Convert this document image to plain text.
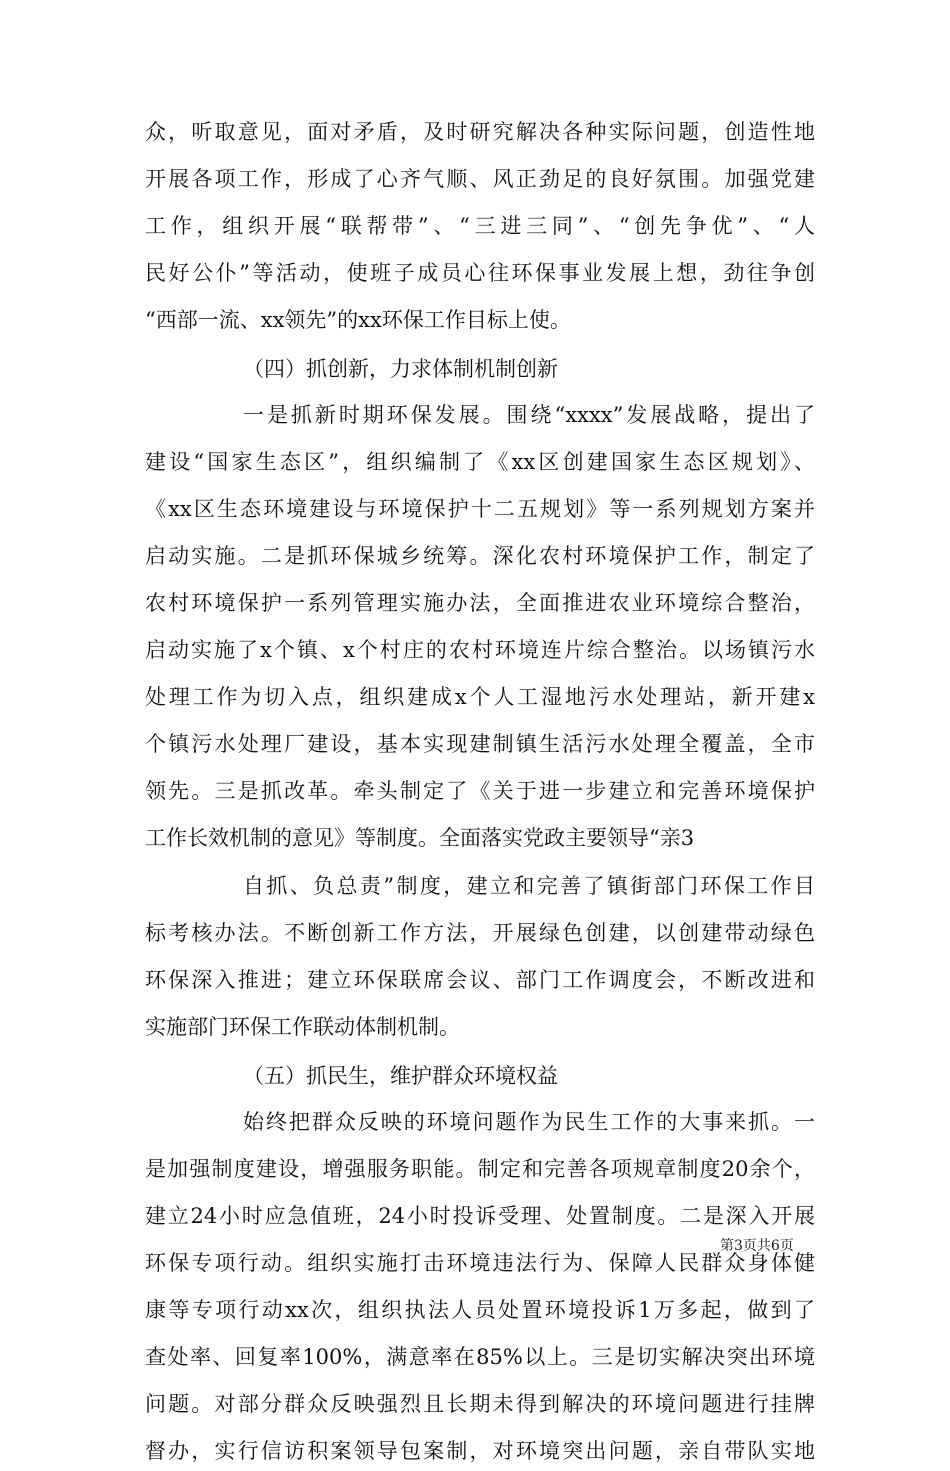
众，听取意见，面对矛盾，及时研究解决各种实际问题，创造性地
开展各项工作，形成了心齐气顺、风正劲足的良好氛围。加强党建
工作，组织开展“联帮带”、“三进三同”、“创先争优”、“人
民好公仆”等活动，使班子成员心往环保事业发展上想，劲往争创
“西部一流、xx领先”的xx环保工作目标上使。
（四）抓创新，力求体制机制创新
一是抓新时期环保发展。围绕“xxxx”发展战略，提出了
建设“国家生态区”，组织编制了《xx区创建国家生态区规划》、
《xx区生态环境建设与环境保护十二五规划》等一系列规划方案并
启动实施。二是抓环保城乡统筹。深化农村环境保护工作，制定了
农村环境保护一系列管理实施办法，全面推进农业环境综合整治，
启动实施了x个镇、x个村庄的农村环境连片综合整治。以场镇污水
处理工作为切入点，组织建成x个人工湿地污水处理站，新开建x
个镇污水处理厂建设，基本实现建制镇生活污水处理全覆盖，全市
领先。三是抓改革。牵头制定了《关于进一步建立和完善环境保护
工作长效机制的意见》等制度。全面落实党政主要领导“亲3
自抓、负总责”制度，建立和完善了镇街部门环保工作目
标考核办法。不断创新工作方法，开展绿色创建，以创建带动绿色
环保深入推进；建立环保联席会议、部门工作调度会，不断改进和
实施部门环保工作联动体制机制。
（五）抓民生，维护群众环境权益
始终把群众反映的环境问题作为民生工作的大事来抓。一
是加强制度建设，增强服务职能。制定和完善各项规章制度20余个，
建立24小时应急值班，24小时投诉受理、处置制度。二是深入开展
环保专项行动。组织实施打击环境违法行为、保障人民群众身体健
康等专项行动xx次，组织执法人员处置环境投诉1万多起，做到了
查处率、回复率100%，满意率在85%以上。三是切实解决突出环境
问题。对部分群众反映强烈且长期未得到解决的环境问题进行挂牌
督办，实行信访积案领导包案制，对环境突出问题，亲自带队实地
第3页共6页
